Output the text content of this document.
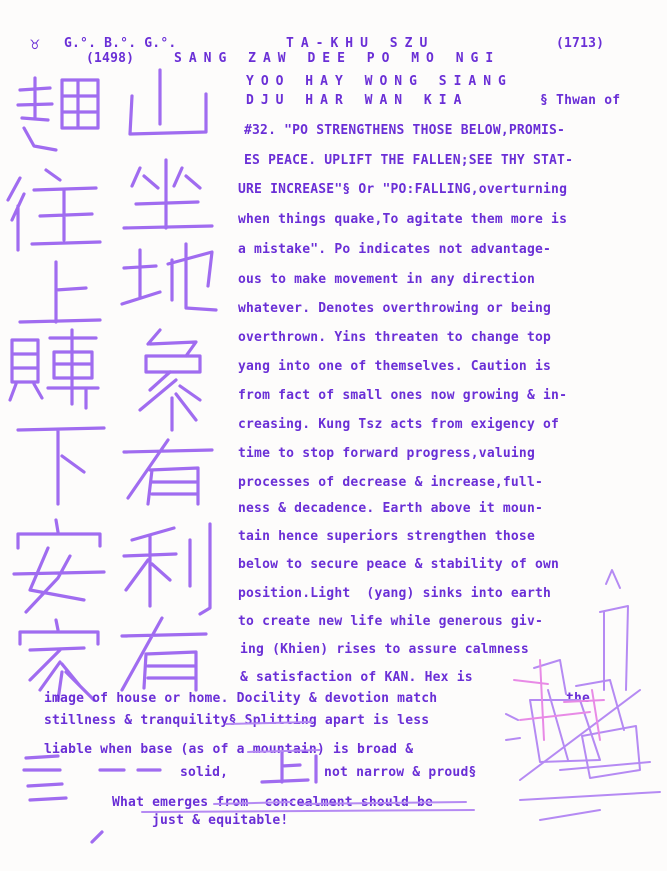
♉ G.°. B.°. G.°.	TA-KHU SZU	(1713)
(1498)	SANG ZAW DEE PO MO NGI
YOO HAY WONG SIANG
DJU HAR WAN KIA	§ Thwan of
#32. "PO STRENGTHENS THOSE BELOW,PROMIS-
ES PEACE. UPLIFT THE FALLEN;SEE THY STAT-
URE INCREASE"§ Or "PO:FALLING,overturning
when things quake,To agitate them more is
a mistake". Po indicates not advantage-
ous to make movement in any direction
whatever. Denotes overthrowing or being
overthrown. Yins threaten to change top
yang into one of themselves. Caution is
from fact of small ones now growing & in-
creasing. Kung Tsz acts from exigency of
time to stop forward progress,valuing
processes of decrease & increase,full-
ness & decadence. Earth above it moun-
tain hence superiors strengthen those
below to secure peace & stability of own
position.Light  (yang) sinks into earth
to create new life while generous giv-
ing (Khien) rises to assure calmness
& satisfaction of KAN. Hex is
image of house or home. Docility & devotion match	the
stillness & tranquility§ Splitting apart is less
liable when base (as of a mountain) is broad &
solid,	not narrow & proud§
What emerges from  concealment should be
just & equitable!
